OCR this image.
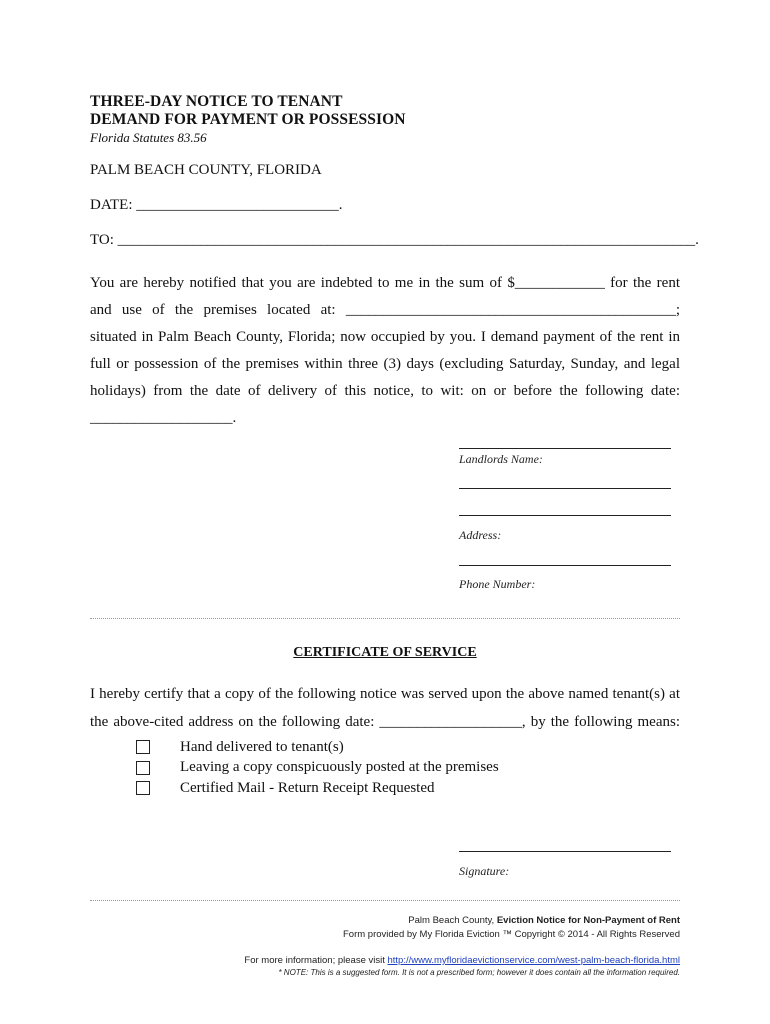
THREE-DAY NOTICE TO TENANT
DEMAND FOR PAYMENT OR POSSESSION
Florida Statutes 83.56
PALM BEACH COUNTY, FLORIDA
DATE: ___________________________.
TO: _____________________________________________________________________________.
You are hereby notified that you are indebted to me in the sum of $____________ for the rent
and use of the premises located at: ____________________________________________;
situated in Palm Beach County, Florida; now occupied by you. I demand payment of the rent in
full or possession of the premises within three (3) days (excluding Saturday, Sunday, and legal
holidays) from the date of delivery of this notice, to wit: on or before the following date:
___________________.
Landlords Name:
Address:
Phone Number:
CERTIFICATE OF SERVICE
I hereby certify that a copy of the following notice was served upon the above named tenant(s) at
the above-cited address on the following date: ___________________, by the following means:
Hand delivered to tenant(s)
Leaving a copy conspicuously posted at the premises
Certified Mail - Return Receipt Requested
Signature:
Palm Beach County, Eviction Notice for Non-Payment of Rent
Form provided by My Florida Eviction ™ Copyright © 2014 - All Rights Reserved
For more information; please visit http://www.myfloridaevictionservice.com/west-palm-beach-florida.html
* NOTE: This is a suggested form. It is not a prescribed form; however it does contain all the information required.
